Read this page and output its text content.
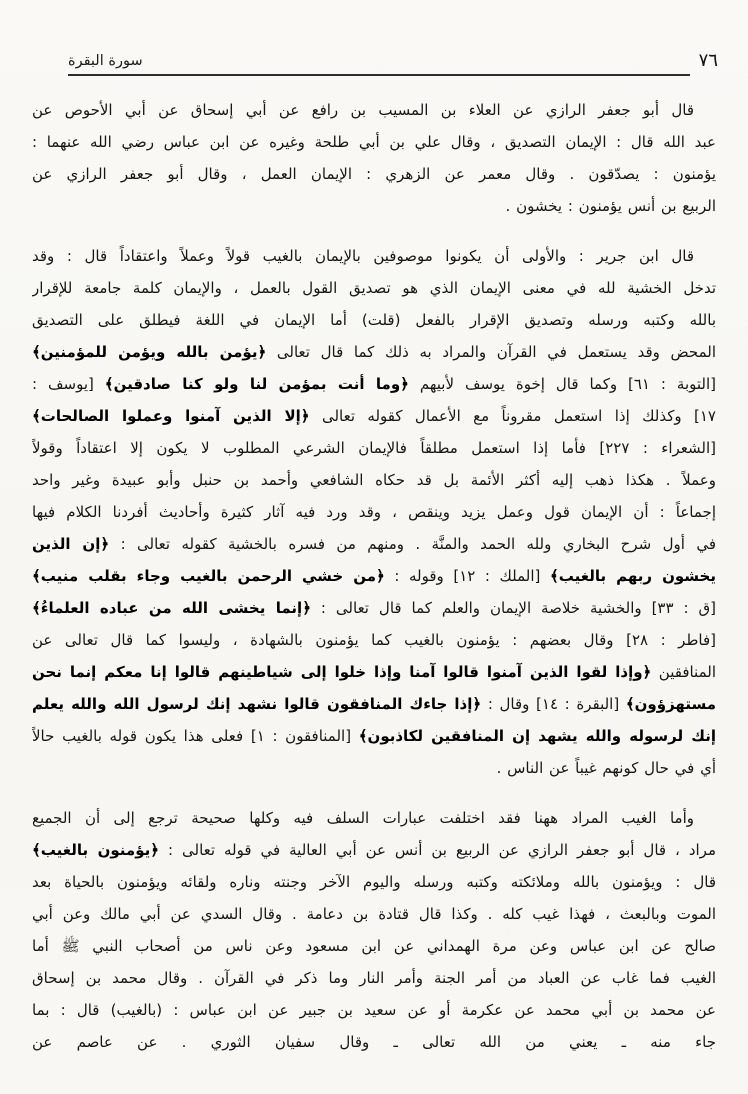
سورة البقرة	٧٦
قال أبو جعفر الرازي عن العلاء بن المسيب بن رافع عن أبي إسحاق عن أبي الأحوص عن
عبد الله قال : الإيمان التصديق ، وقال علي بن أبي طلحة وغيره عن ابن عباس رضي الله عنهما :
يؤمنون : يصدّقون . وقال معمر عن الزهري : الإيمان العمل ، وقال أبو جعفر الرازي عن
الربيع بن أنس يؤمنون : يخشون .
قال ابن جرير : والأولى أن يكونوا موصوفين بالإيمان بالغيب قولاً وعملاً واعتقاداً قال : وقد
تدخل الخشية لله في معنى الإيمان الذي هو تصديق القول بالعمل ، والإيمان كلمة جامعة للإقرار
بالله وكتبه ورسله وتصديق الإقرار بالفعل (قلت) أما الإيمان في اللغة فيطلق على التصديق
المحض وقد يستعمل في القرآن والمراد به ذلك كما قال تعالى ﴿يؤمن بالله ويؤمن للمؤمنين﴾
[التوبة : ٦١] وكما قال إخوة يوسف لأبيهم ﴿وما أنت بمؤمن لنا ولو كنا صادقين﴾ [يوسف :
١٧] وكذلك إذا استعمل مقروناً مع الأعمال كقوله تعالى ﴿إلا الذين آمنوا وعملوا الصالحات﴾
[الشعراء : ٢٢٧] فأما إذا استعمل مطلقاً فالإيمان الشرعي المطلوب لا يكون إلا اعتقاداً وقولاً
وعملاً . هكذا ذهب إليه أكثر الأئمة بل قد حكاه الشافعي وأحمد بن حنبل وأبو عبيدة وغير واحد
إجماعاً : أن الإيمان قول وعمل يزيد وينقص ، وقد ورد فيه آثار كثيرة وأحاديث أفردنا الكلام فيها
في أول شرح البخاري ولله الحمد والمنَّة . ومنهم من فسره بالخشية كقوله تعالى : ﴿إن الذين
يخشون ربهم بالغيب﴾ [الملك : ١٢] وقوله : ﴿من خشي الرحمن بالغيب وجاء بقلب منيب﴾
[ق : ٣٣] والخشية خلاصة الإيمان والعلم كما قال تعالى : ﴿إنما يخشى الله من عباده العلماءُ﴾
[فاطر : ٢٨] وقال بعضهم : يؤمنون بالغيب كما يؤمنون بالشهادة ، وليسوا كما قال تعالى عن
المنافقين ﴿وإذا لقوا الذين آمنوا قالوا آمنا وإذا خلوا إلى شياطينهم قالوا إنا معكم إنما نحن
مستهزؤون﴾ [البقرة : ١٤] وقال : ﴿إذا جاءك المنافقون قالوا نشهد إنك لرسول الله والله يعلم
إنك لرسوله والله يشهد إن المنافقين لكاذبون﴾ [المنافقون : ١] فعلى هذا يكون قوله بالغيب حالاً
أي في حال كونهم غيباً عن الناس .
وأما الغيب المراد ههنا فقد اختلفت عبارات السلف فيه وكلها صحيحة ترجع إلى أن الجميع
مراد ، قال أبو جعفر الرازي عن الربيع بن أنس عن أبي العالية في قوله تعالى : ﴿يؤمنون بالغيب﴾
قال : ويؤمنون بالله وملائكته وكتبه ورسله واليوم الآخر وجنته وناره ولقائه ويؤمنون بالحياة بعد
الموت وبالبعث ، فهذا غيب كله . وكذا قال قتادة بن دعامة . وقال السدي عن أبي مالك وعن أبي
صالح عن ابن عباس وعن مرة الهمداني عن ابن مسعود وعن ناس من أصحاب النبي ﷺ أما
الغيب فما غاب عن العباد من أمر الجنة وأمر النار وما ذكر في القرآن . وقال محمد بن إسحاق
عن محمد بن أبي محمد عن عكرمة أو عن سعيد بن جبير عن ابن عباس : (بالغيب) قال : بما
جاء منه ـ يعني من الله تعالى ـ وقال سفيان الثوري . عن عاصم عن
